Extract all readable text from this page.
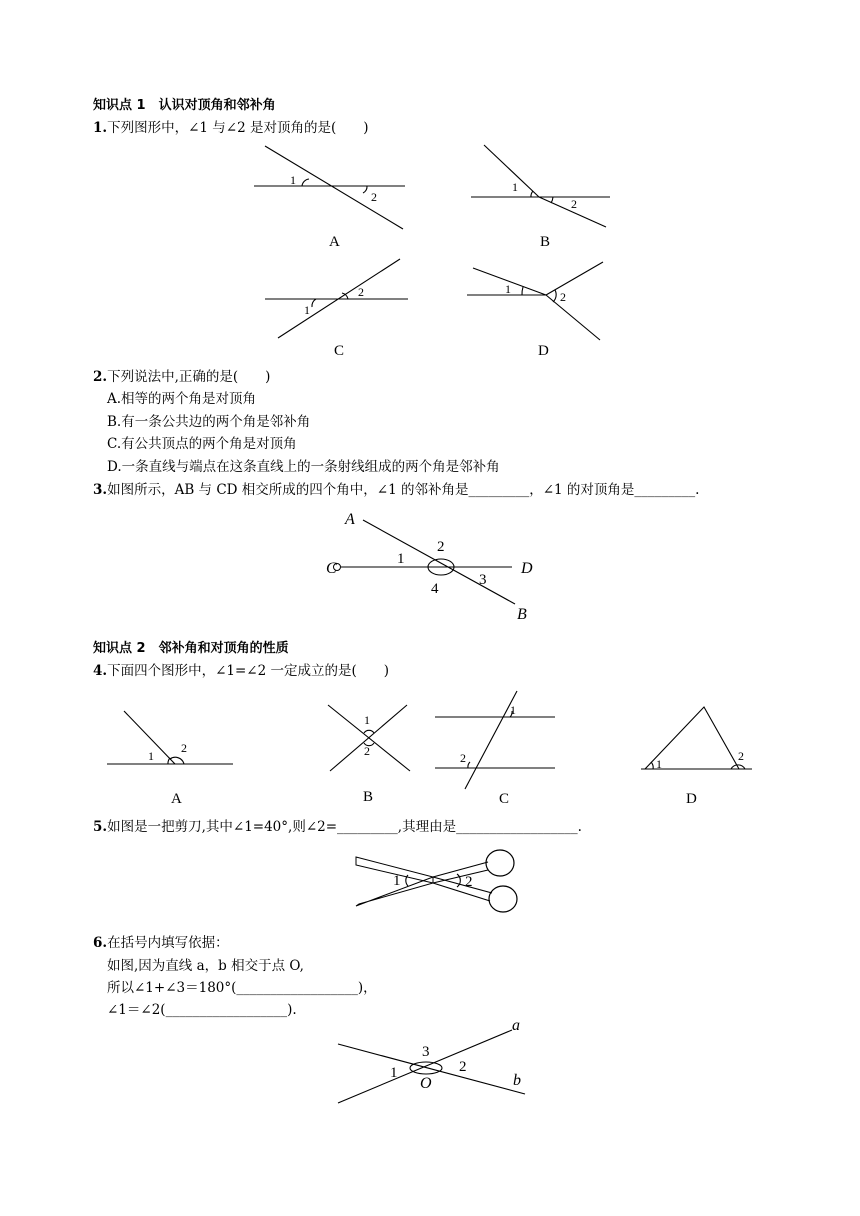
知识点 1　认识对顶角和邻补角
1.下列图形中，∠1 与∠2 是对顶角的是(　　)
1
2
A
1
2
B
1
2
C
1
2
D
A
B
C	D
1
2
3
4
1
2
A
1
2
B
1
2
C
1
2
D
1	2
a
b
O
1	2
3
2.下列说法中,正确的是(　　)
A.相等的两个角是对顶角
B.有一条公共边的两个角是邻补角
C.有公共顶点的两个角是对顶角
D.一条直线与端点在这条直线上的一条射线组成的两个角是邻补角
3.如图所示，AB 与 CD 相交所成的四个角中，∠1 的邻补角是_________，∠1 的对顶角是_________.
知识点 2　邻补角和对顶角的性质
4.下面四个图形中，∠1=∠2 一定成立的是(　　)
5.如图是一把剪刀,其中∠1=40°,则∠2=_________,其理由是__________________.
6.在括号内填写依据：
如图,因为直线 a，b 相交于点 O,
所以∠1+∠3＝180°(__________________)，
∠1＝∠2(__________________).
